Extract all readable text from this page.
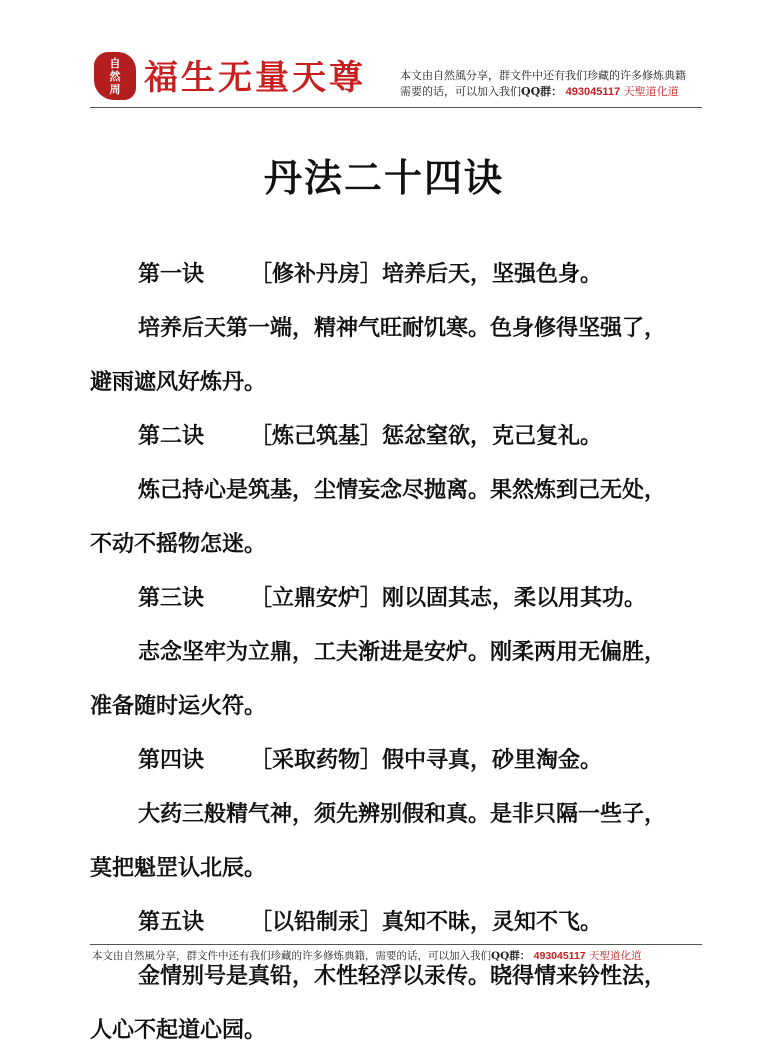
自
然
周 福生无量天尊	本文由自然風分享，群文件中还有我们珍藏的许多修炼典籍
需要的话，可以加入我们QQ群： 493045117 天聖道化道
丹法二十四诀
第一诀 ［修补丹房］培养后天，坚强色身。
培养后天第一端，精神气旺耐饥寒。色身修得坚强了，
避雨遮风好炼丹。
第二诀 ［炼己筑基］惩忿窒欲，克己复礼。
炼己持心是筑基，尘情妄念尽抛离。果然炼到己无处，
不动不摇物怎迷。
第三诀 ［立鼎安炉］刚以固其志，柔以用其功。
志念坚牢为立鼎，工夫渐进是安炉。刚柔两用无偏胜，
准备随时运火符。
第四诀 ［采取药物］假中寻真，砂里淘金。
大药三般精气神，须先辨别假和真。是非只隔一些子，
莫把魁罡认北辰。
第五诀 ［以铅制汞］真知不昧，灵知不飞。
金情别号是真铅，木性轻浮以汞传。晓得情来钤性法，
人心不起道心园。
本文由自然風分享，群文件中还有我们珍藏的许多修炼典籍，需要的话，可以加入我们QQ群： 493045117 天聖道化道
